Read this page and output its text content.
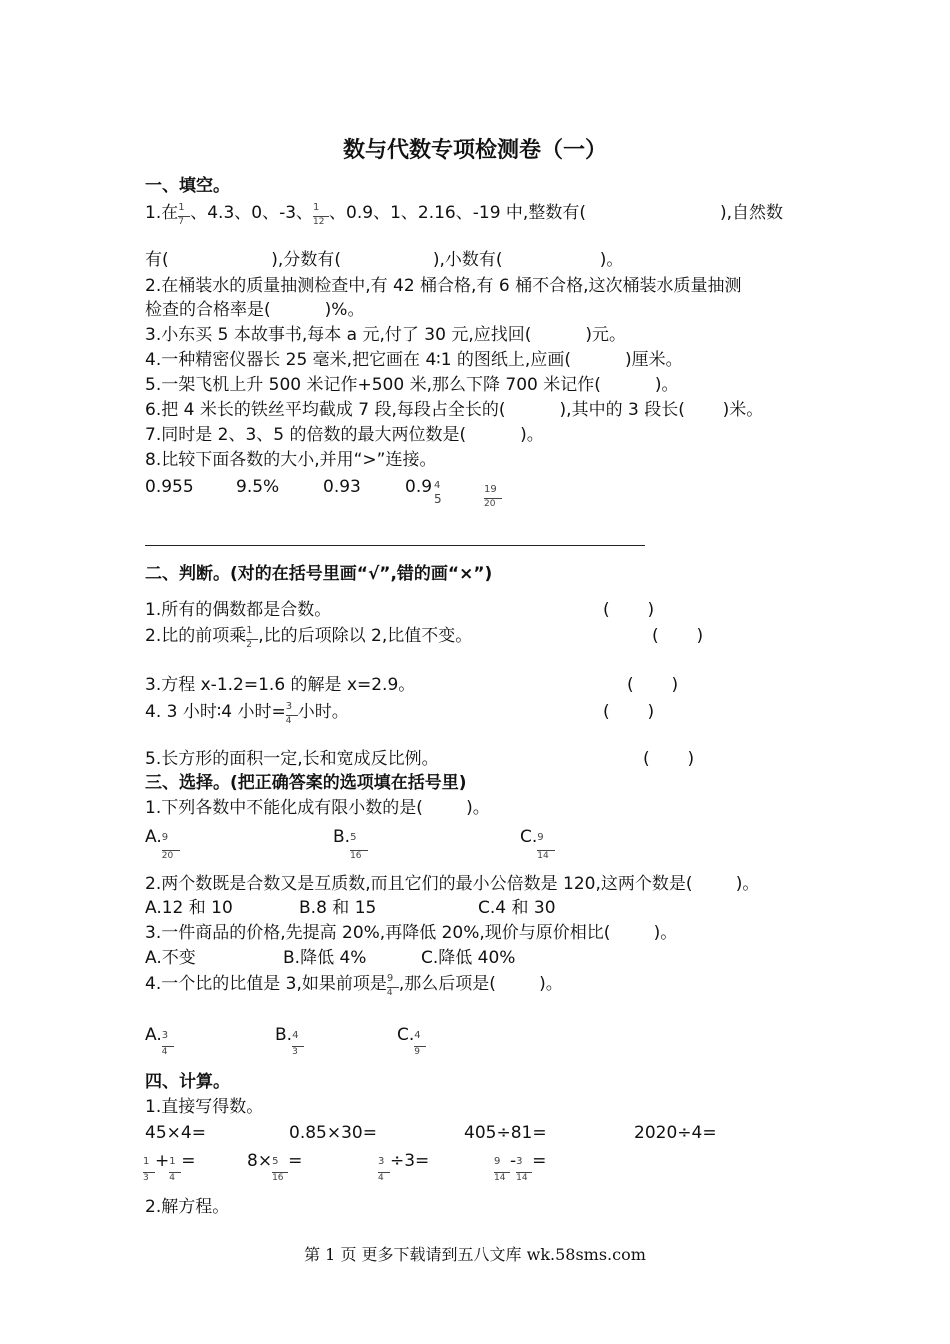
数与代数专项检测卷（一）
一、填空。
1.在 $\frac{1}{7}$ 、4.3、0、-3、 $\frac{1}{12}$ 、0.9、1、2.16、-19 中,整数有(	),自然数
有(                   ),分数有(                 ),小数有(                  )。
2.在桶装水的质量抽测检查中,有 42 桶合格,有 6 桶不合格,这次桶装水质量抽测
检查的合格率是(          )%。
3.小东买 5 本故事书,每本 a 元,付了 30 元,应找回(          )元。
4.一种精密仪器长 25 毫米,把它画在 4∶1 的图纸上,应画(          )厘米。
5.一架飞机上升 500 米记作+500 米,那么下降 700 米记作(          )。
6.把 4 米长的铁丝平均截成 7 段,每段占全长的(          ),其中的 3 段长(       )米。
7.同时是 2、3、5 的倍数的最大两位数是(          )。
8.比较下面各数的大小,并用“>”连接。
0.955 9.5%	0.93	0.9 4
5	$\frac{19}{20}$
二、判断。(对的在括号里画“√”,错的画“×”)
1.所有的偶数都是合数。	(       )
2.比的前项乘 $\frac{1}{2}$ ,比的后项除以 2,比值不变。	(       )
3.方程 x-1.2=1.6 的解是 x=2.9。	(       )
4. 3 小时∶4 小时= $\frac{3}{4}$ 小时。	(       )
5.长方形的面积一定,长和宽成反比例。	(       )
三、选择。(把正确答案的选项填在括号里)
1.下列各数中不能化成有限小数的是(        )。
A. $\frac{9}{20}$	B. $\frac{5}{16}$	C. $\frac{9}{14}$
2.两个数既是合数又是互质数,而且它们的最小公倍数是 120,这两个数是(        )。
A.12 和 10	B.8 和 15	C.4 和 30
3.一件商品的价格,先提高 20%,再降低 20%,现价与原价相比(        )。
A.不变	B.降低 4%	C.降低 40%
4.一个比的比值是 3,如果前项是 $\frac{9}{4}$ ,那么后项是(        )。
A. $\frac{3}{4}$	B. $\frac{4}{3}$	C. $\frac{4}{9}$
四、计算。
1.直接写得数。
45×4=	0.85×30=	405÷81=	2020÷4=
$\frac{1}{3} + \frac{1}{4}$ =	$8\times \frac{5}{16}$ =	$\frac{3}{4} \div 3=$	$\frac{9}{14} - \frac{3}{14}$ =
2.解方程。
第 1 页 更多下载请到五八文库 wk.58sms.com
